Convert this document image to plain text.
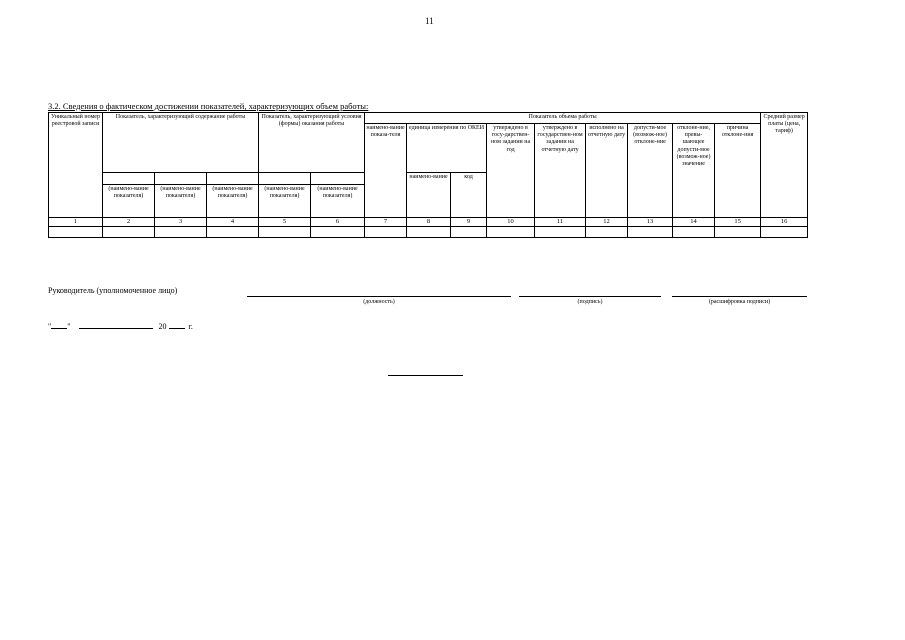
11
3.2. Сведения о фактическом достижении показателей, характеризующих объем работы:
Уникальный номер реестровой записи	Показатель, характеризующий содержание работы			Показатель, характеризующий условия (формы) оказания работы		Показатель объема работы									Средний размер платы (цена, тариф)
						наимено-вание показа-теля	единица измерения по ОКЕИ		утверждено в госу-дарствен-ном задании на год	утверждено в государствен-ном задании на отчетную дату	исполнено на отчетную дату	допусти-мое (возмож-ное) отклоне-ние	отклоне-ние, превы-шающее допусти-мое (возмож-ное) значение	причина отклоне-ния	
							наимено-вание	код							
	(наимено-вание показателя)	(наимено-вание показателя)	(наимено-вание показателя)	(наимено-вание показателя)	(наимено-вание показателя)										
1	2	3	4	5	6	7	8	9	10	11	12	13	14	15	16

Руководитель (уполномоченное лицо)
(должность)	(подпись)	(расшифровка подписи)
" "	20	г.
